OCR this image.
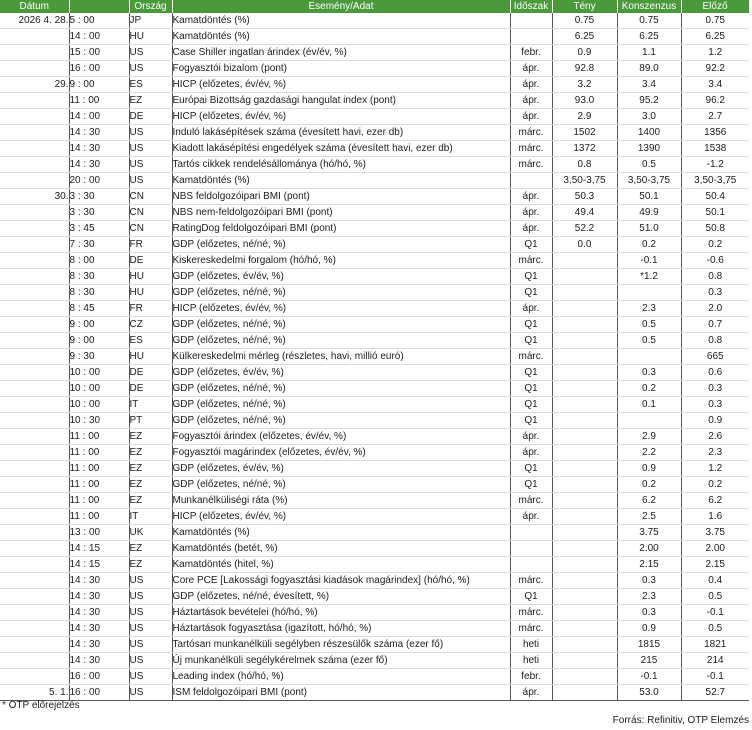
Dátum		Ország	Esemény/Adat	Időszak	Tény	Konszenzus	Előző
2026 4. 28.	5 : 00	JP	Kamatdöntés (%)		0.75	0.75	0.75
	14 : 00	HU	Kamatdöntés (%)		6.25	6.25	6.25
	15 : 00	US	Case Shiller ingatlan árindex (év/év, %)	febr.	0.9	1.1	1.2
	16 : 00	US	Fogyasztói bizalom (pont)	ápr.	92.8	89.0	92.2
29.	9 : 00	ES	HICP (előzetes, év/év, %)	ápr.	3.2	3.4	3.4
	11 : 00	EZ	Európai Bizottság gazdasági hangulat index (pont)	ápr.	93.0	95.2	96.2
	14 : 00	DE	HICP (előzetes, év/év, %)	ápr.	2.9	3.0	2.7
	14 : 30	US	Induló lakásépítések száma (évesített havi, ezer db)	márc.	1502	1400	1356
	14 : 30	US	Kiadott lakásépítési engedélyek száma (évesített havi, ezer db)	márc.	1372	1390	1538
	14 : 30	US	Tartós cikkek rendelésállománya (hó/hó, %)	márc.	0.8	0.5	-1.2
	20 : 00	US	Kamatdöntés (%)		3,50-3,75	3,50-3,75	3,50-3,75
30.	3 : 30	CN	NBS feldolgozóipari BMI (pont)	ápr.	50.3	50.1	50.4
	3 : 30	CN	NBS nem-feldolgozóipari BMI (pont)	ápr.	49.4	49.9	50.1
	3 : 45	CN	RatingDog feldolgozóipari BMI (pont)	ápr.	52.2	51.0	50.8
	7 : 30	FR	GDP (előzetes, né/né, %)	Q1	0.0	0.2	0.2
	8 : 00	DE	Kiskereskedelmi forgalom (hó/hó, %)	márc.		-0.1	-0.6
	8 : 30	HU	GDP (előzetes, év/év, %)	Q1		*1.2	0.8
	8 : 30	HU	GDP (előzetes, né/né, %)	Q1			0.3
	8 : 45	FR	HICP (előzetes, év/év, %)	ápr.		2.3	2.0
	9 : 00	CZ	GDP (előzetes, né/né, %)	Q1		0.5	0.7
	9 : 00	ES	GDP (előzetes, né/né, %)	Q1		0.5	0.8
	9 : 30	HU	Külkereskedelmi mérleg (részletes, havi, millió euró)	márc.			665
	10 : 00	DE	GDP (előzetes, év/év, %)	Q1		0.3	0.6
	10 : 00	DE	GDP (előzetes, né/né, %)	Q1		0.2	0.3
	10 : 00	IT	GDP (előzetes, né/né, %)	Q1		0.1	0.3
	10 : 30	PT	GDP (előzetes, né/né, %)	Q1			0.9
	11 : 00	EZ	Fogyasztói árindex (előzetes, év/év, %)	ápr.		2.9	2.6
	11 : 00	EZ	Fogyasztói magárindex (előzetes, év/év, %)	ápr.		2.2	2.3
	11 : 00	EZ	GDP (előzetes, év/év, %)	Q1		0.9	1.2
	11 : 00	EZ	GDP (előzetes, né/né, %)	Q1		0.2	0.2
	11 : 00	EZ	Munkanélküliségi ráta (%)	márc.		6.2	6.2
	11 : 00	IT	HICP (előzetes, év/év, %)	ápr.		2.5	1.6
	13 : 00	UK	Kamatdöntés (%)			3.75	3.75
	14 : 15	EZ	Kamatdöntés (betét, %)			2.00	2.00
	14 : 15	EZ	Kamatdöntés (hitel, %)			2.15	2.15
	14 : 30	US	Core PCE [Lakossági fogyasztási kiadások magárindex] (hó/hó, %)	márc.		0.3	0.4
	14 : 30	US	GDP (előzetes, né/né, évesített, %)	Q1		2.3	0.5
	14 : 30	US	Háztartások bevételei (hó/hó, %)	márc.		0.3	-0.1
	14 : 30	US	Háztartások fogyasztása (igazított, hó/hó, %)	márc.		0.9	0.5
	14 : 30	US	Tartósan munkanélküli segélyben részesülők száma (ezer fő)	heti		1815	1821
	14 : 30	US	Új munkanélküli segélykérelmek száma (ezer fő)	heti		215	214
	16 : 00	US	Leading index (hó/hó, %)	febr.		-0.1	-0.1
5. 1.	16 : 00	US	ISM feldolgozóipari BMI (pont)	ápr.		53.0	52.7
* OTP előrejelzés
Forrás: Refinitiv, OTP Elemzés
